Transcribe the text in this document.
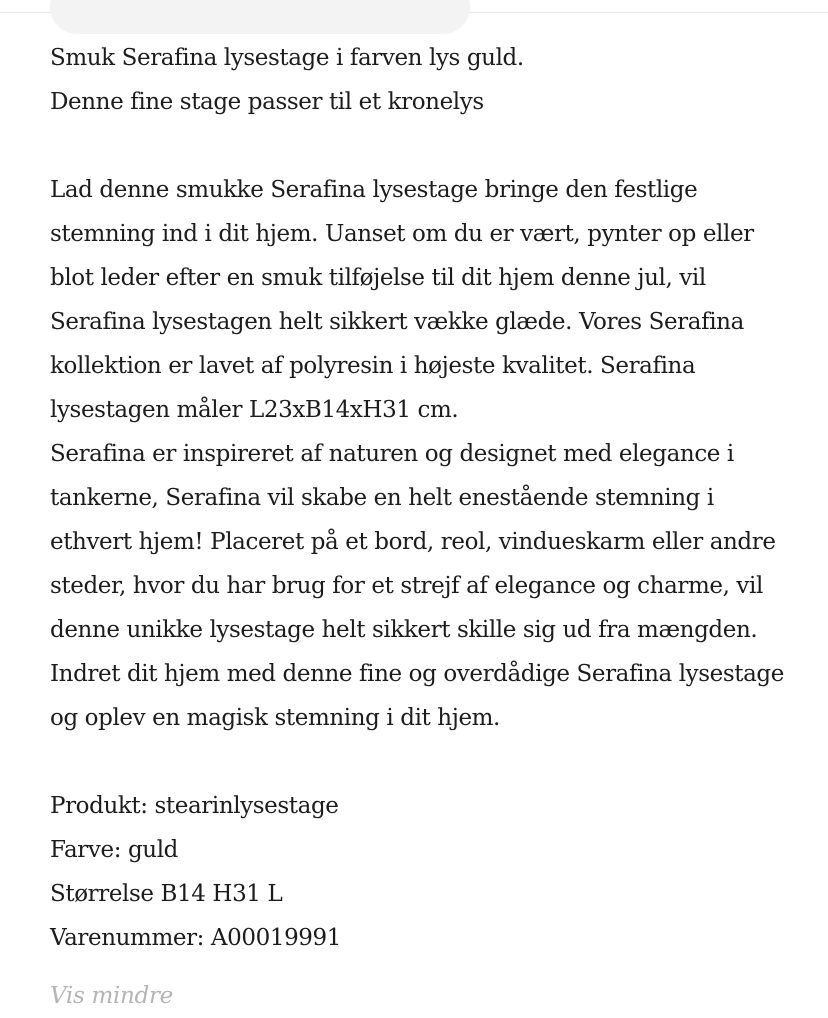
Smuk Serafina lysestage i farven lys guld.

Denne fine stage passer til et kronelys

Lad denne smukke Serafina lysestage bringe den festlige stemning ind i dit hjem. Uanset om du er vært, pynter op eller blot leder efter en smuk tilføjelse til dit hjem denne jul, vil Serafina lysestagen helt sikkert vække glæde. Vores Serafina kollektion er lavet af polyresin i højeste kvalitet. Serafina lysestagen måler L23xB14xH31 cm.

Serafina er inspireret af naturen og designet med elegance i tankerne, Serafina vil skabe en helt enestående stemning i ethvert hjem! Placeret på et bord, reol, vindueskarm eller andre steder, hvor du har brug for et strejf af elegance og charme, vil denne unikke lysestage helt sikkert skille sig ud fra mængden. Indret dit hjem med denne fine og overdådige Serafina lysestage og oplev en magisk stemning i dit hjem.

Produkt: stearinlysestage

Farve: guld

Størrelse B14 H31 L

Varenummer: A00019991

Vis mindre
